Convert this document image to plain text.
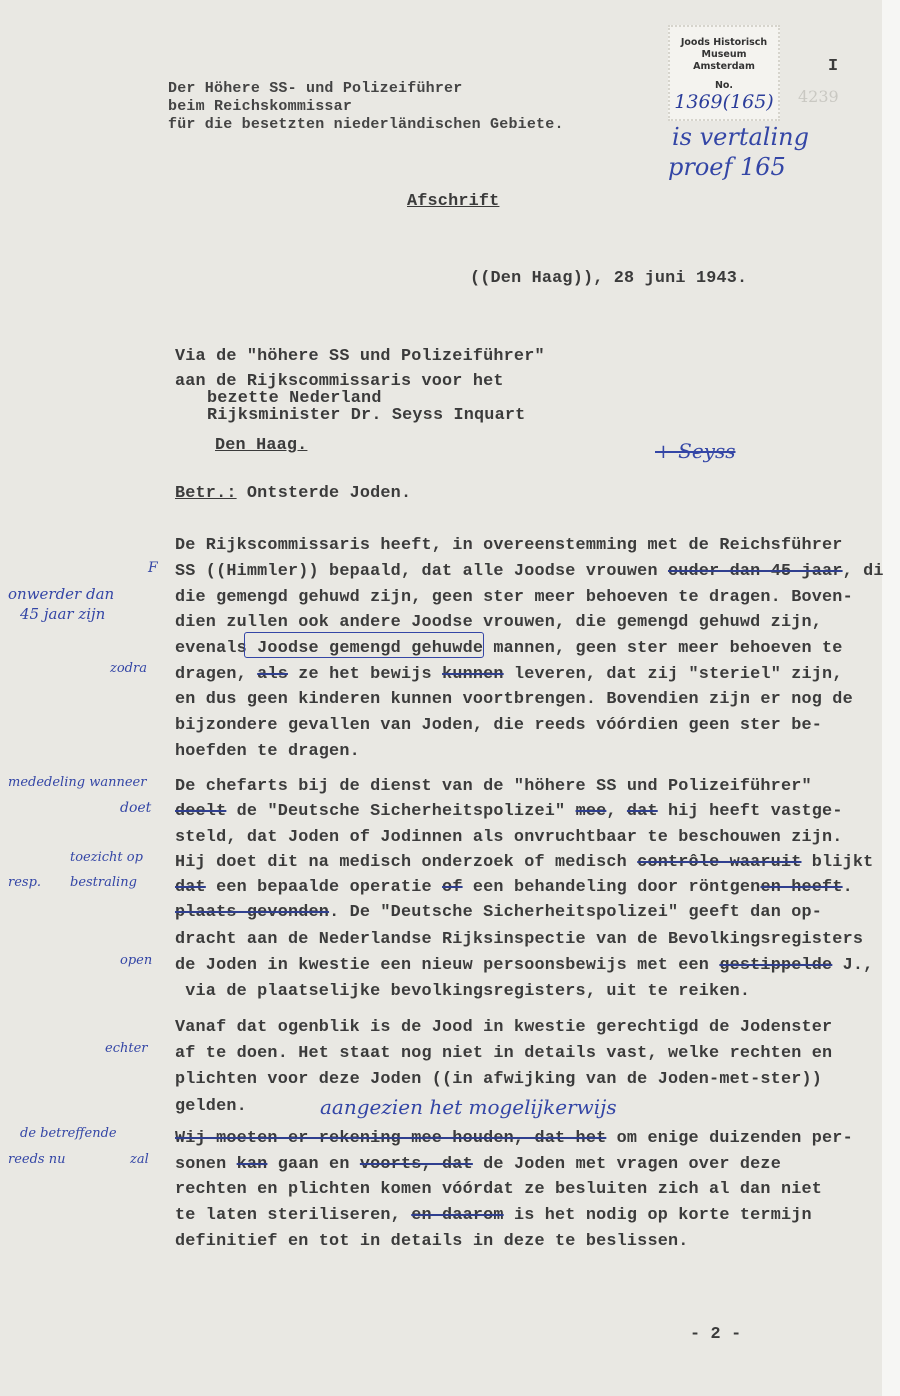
Joods Historisch
Museum Amsterdam
No.
1369(165)
I
4239
is vertaling
proef 165
Der Höhere SS- und Polizeiführer
beim Reichskommissar
für die besetzten niederländischen Gebiete.
Afschrift
((Den Haag)), 28 juni 1943.
Via de "höhere SS und Polizeiführer"
aan de Rijkscommissaris voor het
bezette Nederland
Rijksminister Dr. Seyss Inquart
Den Haag.	+ Seyss
Betr.: Ontsterde Joden.
De Rijkscommissaris heeft, in overeenstemming met de Reichsführer
SS ((Himmler)) bepaald, dat alle Joodse vrouwen ouder dan 45 jaar, di
die gemengd gehuwd zijn, geen ster meer behoeven te dragen. Boven-
dien zullen ook andere Joodse vrouwen, die gemengd gehuwd zijn,
evenals Joodse gemengd gehuwde mannen, geen ster meer behoeven te
dragen, als ze het bewijs kunnen leveren, dat zij "steriel" zijn,
en dus geen kinderen kunnen voortbrengen. Bovendien zijn er nog de
bijzondere gevallen van Joden, die reeds vóórdien geen ster be-
hoefden te dragen.
De chefarts bij de dienst van de "höhere SS und Polizeiführer"
deelt de "Deutsche Sicherheitspolizei" mee, dat hij heeft vastge-
steld, dat Joden of Jodinnen als onvruchtbaar te beschouwen zijn.
Hij doet dit na medisch onderzoek of medisch contrôle waaruit blijkt
dat een bepaalde operatie of een behandeling door röntgenen heeft.
plaats gevonden. De "Deutsche Sicherheitspolizei" geeft dan op-
dracht aan de Nederlandse Rijksinspectie van de Bevolkingsregisters
de Joden in kwestie een nieuw persoonsbewijs met een gestippelde J.,
via de plaatselijke bevolkingsregisters, uit te reiken.
Vanaf dat ogenblik is de Jood in kwestie gerechtigd de Jodenster
af te doen. Het staat nog niet in details vast, welke rechten en
plichten voor deze Joden ((in afwijking van de Joden-met-ster))
gelden.
Wij moeten er rekening mee houden, dat het om enige duizenden per-
sonen kan gaan en voorts, dat de Joden met vragen over deze
rechten en plichten komen vóórdat ze besluiten zich al dan niet
te laten steriliseren, en daarom is het nodig op korte termijn
definitief en tot in details in deze te beslissen.
onwerder dan
45 jaar zijn
F
zodra
mededeling wanneer
doet
toezicht op
resp. bestraling
open
echter
aangezien het mogelijkerwijs
de betreffende
reeds nu	zal
- 2 -
